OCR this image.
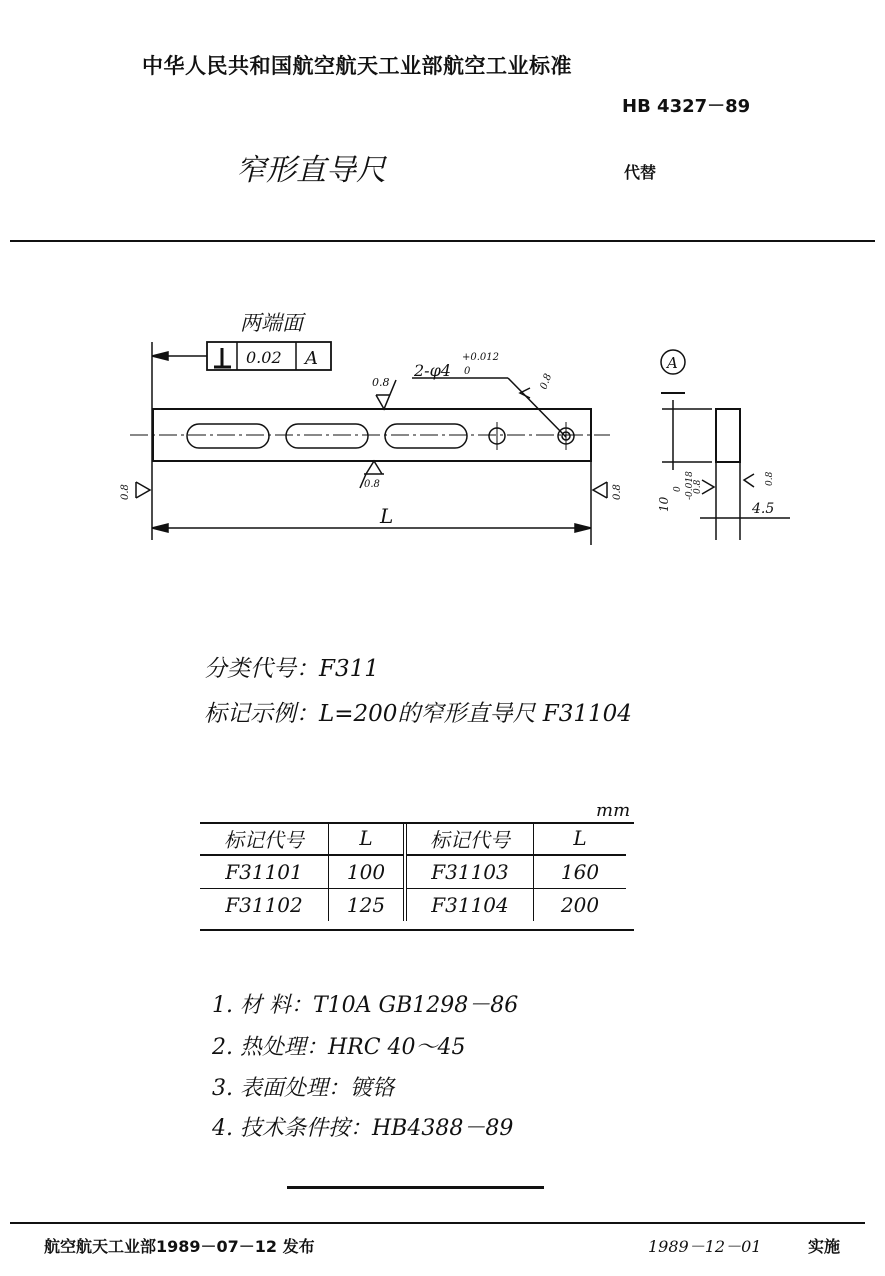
中华人民共和国航空航天工业部航空工业标准
HB 4327－89
窄形直导尺	代替
两端面
0.02 A
2-φ4
+0.012
0
0.8
0.8
0.8	0.8
0.8
L
A
4.5
10
0 -0.018
0.8
0.8
分类代号：F311
标记示例：L=200的窄形直导尺 F31104
mm
标记代号	L	标记代号	L
F31101	100	F31103	160
F31102	125	F31104	200
1. 材 料：T10A GB1298－86
2. 热处理：HRC 40～45
3. 表面处理：镀铬
4. 技术条件按：HB4388－89
航空航天工业部1989－07－12 发布	1989－12－01	实施
